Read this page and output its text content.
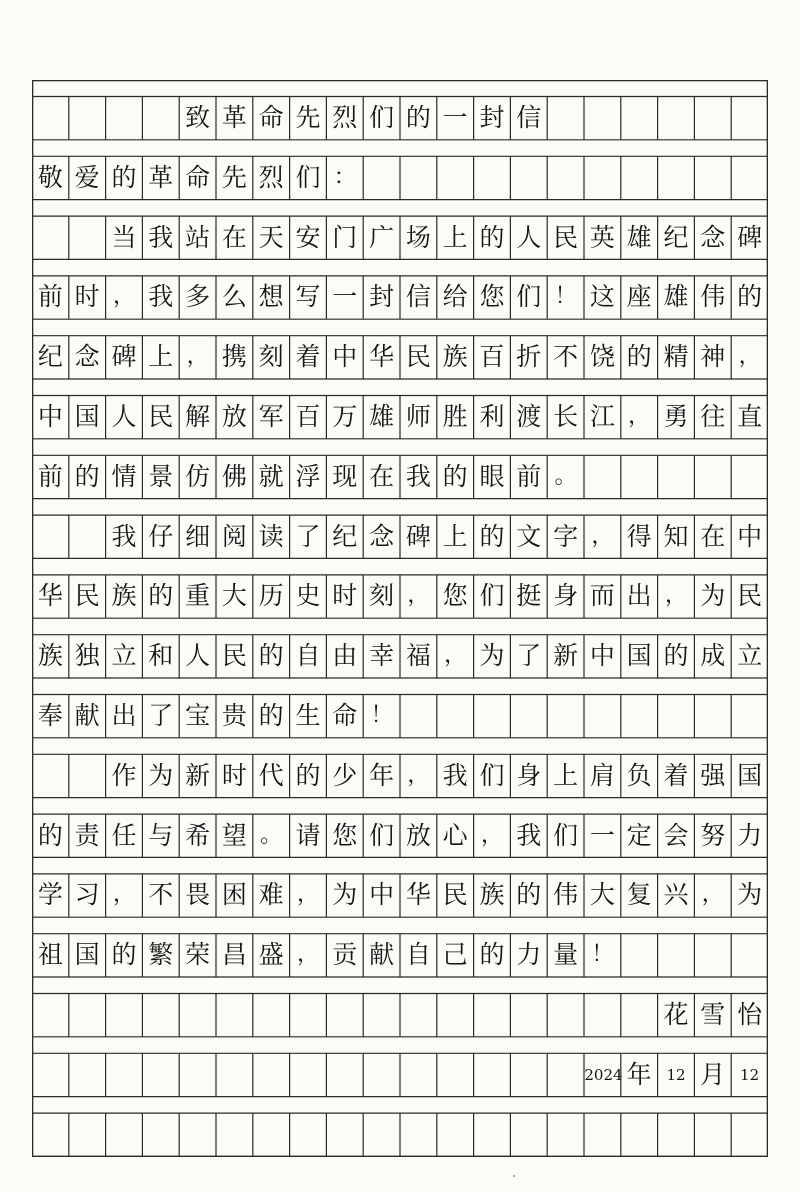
致 革 命 先 烈 们 的 一 封 信
敬 爱 的 革 命 先 烈 们 ：
当 我 站 在 天 安 门 广 场 上 的 人 民 英 雄 纪 念 碑
前 时 ， 我 多 么 想 写 一 封 信 给 您 们 ！ 这 座 雄 伟 的
纪 念 碑 上 ， 携 刻 着 中 华 民 族 百 折 不 饶 的 精 神 ，
中 国 人 民 解 放 军 百 万 雄 师 胜 利 渡 长 江 ， 勇 往 直
前 的 情 景 仿 佛 就 浮 现 在 我 的 眼 前 。
我 仔 细 阅 读 了 纪 念 碑 上 的 文 字 ， 得 知 在 中
华 民 族 的 重 大 历 史 时 刻 ， 您 们 挺 身 而 出 ， 为 民
族 独 立 和 人 民 的 自 由 幸 福 ， 为 了 新 中 国 的 成 立
奉 献 出 了 宝 贵 的 生 命 ！
作 为 新 时 代 的 少 年 ， 我 们 身 上 肩 负 着 强 国
的 责 任 与 希 望 。 请 您 们 放 心 ， 我 们 一 定 会 努 力
学 习 ， 不 畏 困 难 ， 为 中 华 民 族 的 伟 大 复 兴 ， 为
祖 国 的 繁 荣 昌 盛 ， 贡 献 自 己 的 力 量 ！
花 雪 怡
2024 年 12 月 12
